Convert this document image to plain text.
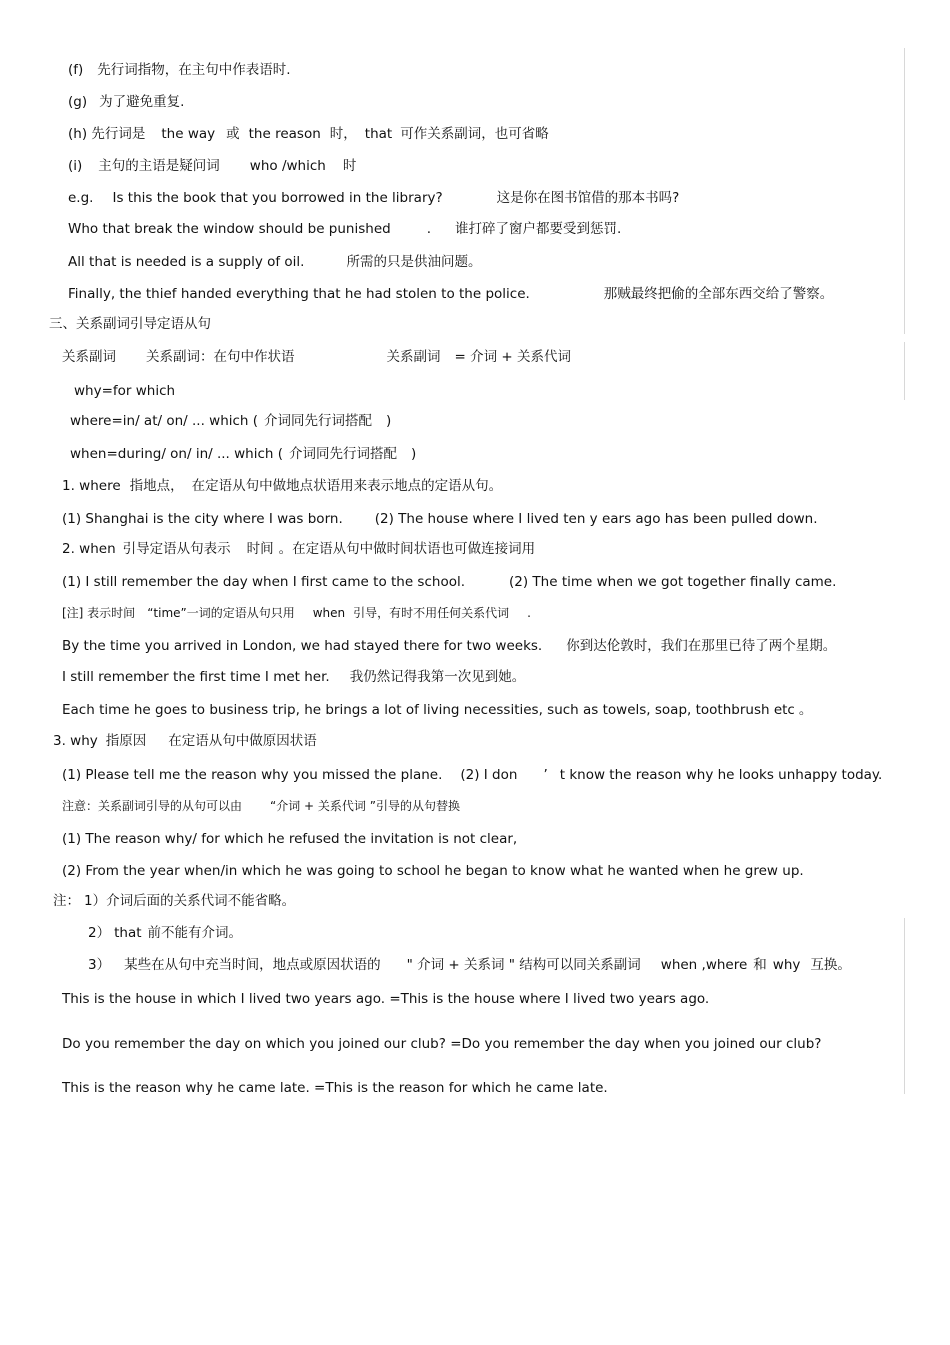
(f) 先行词指物，在主句中作表语时.
(g) 为了避免重复.
(h) 先行词是 the way 或 the reason 时， that 可作关系副词，也可省略
(i) 主句的主语是疑问词 who /which 时
e.g. Is this the book that you borrowed in the library?	这是你在图书馆借的那本书吗?
Who that break the window should be punished	. 谁打碎了窗户都要受到惩罚.
All that is needed is a supply of oil.	所需的只是供油问题。
Finally, the thief handed everything that he had stolen to the police.	那贼最终把偷的全部东西交给了警察。
三、关系副词引导定语从句
关系副词 关系副词：在句中作状语	关系副词 = 介词 + 关系代词
why=for which
where=in/ at/ on/ ... which ( 介词同先行词搭配 )
when=during/ on/ in/ ... which ( 介词同先行词搭配 )
1. where 指地点， 在定语从句中做地点状语用来表示地点的定语从句。
(1) Shanghai is the city where I was born. (2) The house where I lived ten y ears ago has been pulled down.
2. when 引导定语从句表示 时间 。在定语从句中做时间状语也可做连接词用
(1) I still remember the day when I first came to the school.	(2) The time when we got together finally came.
[注] 表示时间 “time”一词的定语从句只用 when 引导，有时不用任何关系代词 .
By the time you arrived in London, we had stayed there for two weeks. 你到达伦敦时，我们在那里已待了两个星期。
I still remember the first time I met her. 我仍然记得我第一次见到她。
Each time he goes to business trip, he brings a lot of living necessities, such as towels, soap, toothbrush etc 。
3. why 指原因 在定语从句中做原因状语
(1) Please tell me the reason why you missed the plane. (2) I don ’ t know the reason why he looks unhappy today.
注意：关系副词引导的从句可以由 “介词 + 关系代词 ”引导的从句替换
(1) The reason why/ for which he refused the invitation is not clear,
(2) From the year when/in which he was going to school he began to know what he wanted when he grew up.
注： 1）介词后面的关系代词不能省略。
2） that 前不能有介词。
3） 某些在从句中充当时间，地点或原因状语的 " 介词 + 关系词 " 结构可以同关系副词 when ,where 和 why 互换。
This is the house in which I lived two years ago. =This is the house where I lived two years ago.
Do you remember the day on which you joined our club? =Do you remember the day when you joined our club?
This is the reason why he came late. =This is the reason for which he came late.
